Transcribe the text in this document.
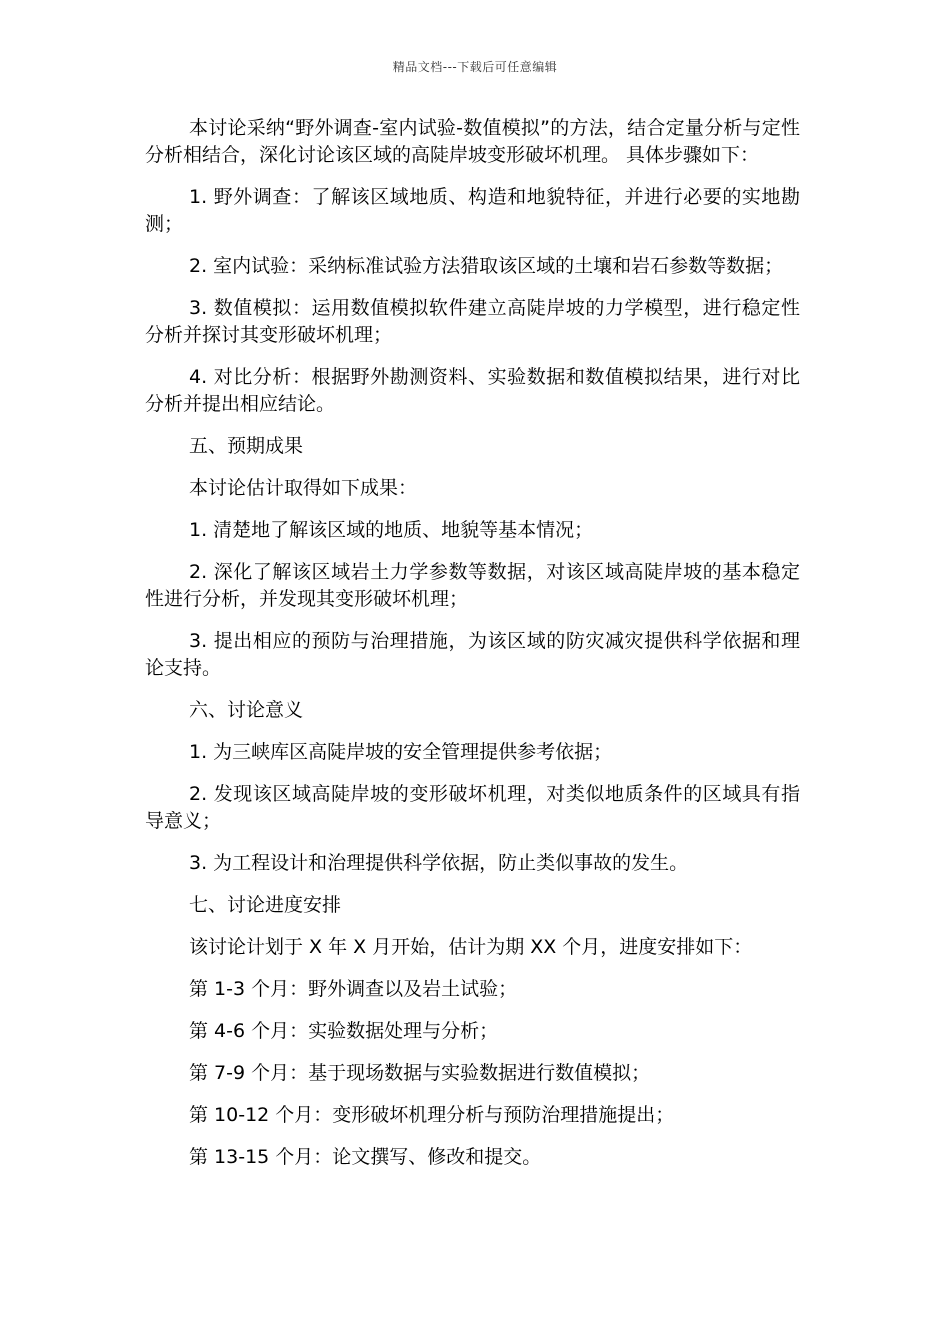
精品文档---下载后可任意编辑

本讨论采纳“野外调查-室内试验-数值模拟”的方法，结合定量分析与定性分析相结合，深化讨论该区域的高陡岸坡变形破坏机理。 具体步骤如下：

1. 野外调查：了解该区域地质、构造和地貌特征，并进行必要的实地勘测；

2. 室内试验：采纳标准试验方法猎取该区域的土壤和岩石参数等数据；

3. 数值模拟：运用数值模拟软件建立高陡岸坡的力学模型，进行稳定性分析并探讨其变形破坏机理；

4. 对比分析：根据野外勘测资料、实验数据和数值模拟结果，进行对比分析并提出相应结论。

五、预期成果

本讨论估计取得如下成果：

1. 清楚地了解该区域的地质、地貌等基本情况；

2. 深化了解该区域岩土力学参数等数据，对该区域高陡岸坡的基本稳定性进行分析，并发现其变形破坏机理；

3. 提出相应的预防与治理措施，为该区域的防灾减灾提供科学依据和理论支持。

六、讨论意义

1. 为三峡库区高陡岸坡的安全管理提供参考依据；

2. 发现该区域高陡岸坡的变形破坏机理，对类似地质条件的区域具有指导意义；

3. 为工程设计和治理提供科学依据，防止类似事故的发生。

七、讨论进度安排

该讨论计划于 X 年 X 月开始，估计为期 XX 个月，进度安排如下：

第 1-3 个月：野外调查以及岩土试验；

第 4-6 个月：实验数据处理与分析；

第 7-9 个月：基于现场数据与实验数据进行数值模拟；

第 10-12 个月：变形破坏机理分析与预防治理措施提出；

第 13-15 个月：论文撰写、修改和提交。
